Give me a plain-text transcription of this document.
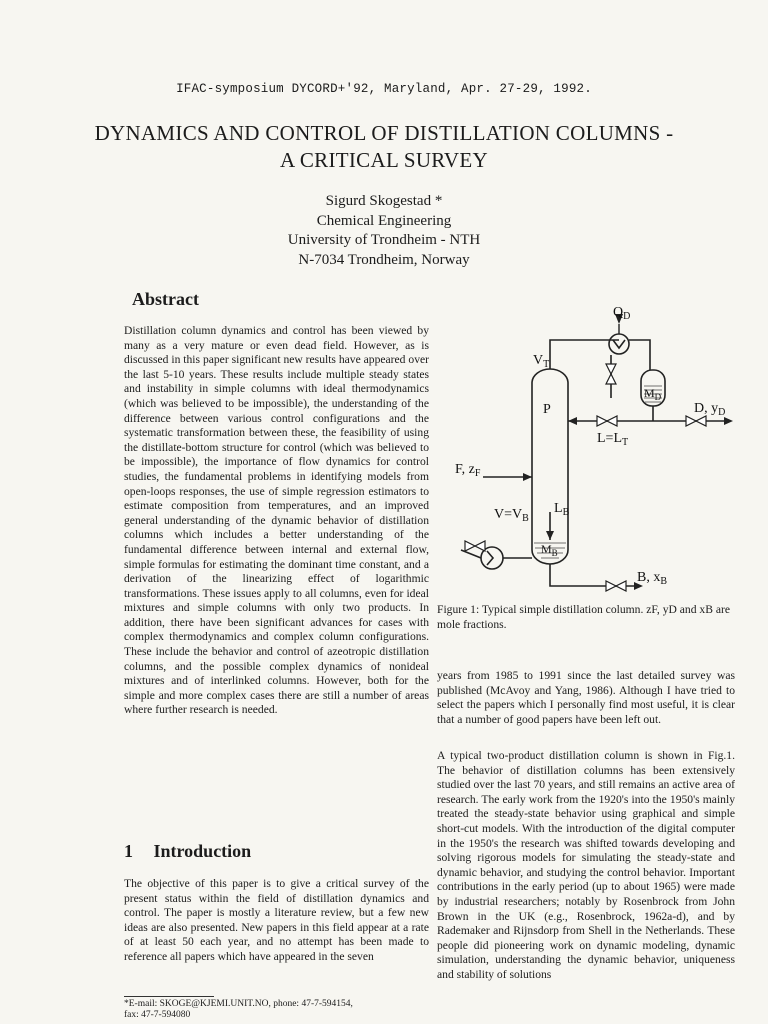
IFAC-symposium DYCORD+'92, Maryland, Apr. 27-29, 1992.
DYNAMICS AND CONTROL OF DISTILLATION COLUMNS -
A CRITICAL SURVEY
Sigurd Skogestad *
Chemical Engineering
University of Trondheim - NTH
N-7034 Trondheim, Norway
Abstract

Distillation column dynamics and control has been viewed by many as a very mature or even dead field. However, as is discussed in this paper significant new results have appeared over the last 5-10 years. These results include multiple steady states and instability in simple columns with ideal thermodynamics (which was believed to be impossible), the understanding of the difference between various control configurations and the systematic transformation between these, the feasibility of using the distillate-bottom structure for control (which was believed to be impossible), the importance of flow dynamics for control studies, the fundamental problems in identifying models from open-loops responses, the use of simple regression estimators to estimate composition from temperatures, and an improved general understanding of the dynamic behavior of distillation columns which includes a better understanding of the fundamental difference between internal and external flow, simple formulas for estimating the dominant time constant, and a derivation of the linearizing effect of logarithmic transformations. These issues apply to all columns, even for ideal mixtures and simple columns with only two products. In addition, there have been significant advances for cases with complex thermodynamics and complex column configurations. These include the behavior and control of azeotropic distillation columns, and the possible complex dynamics of nonideal mixtures and of interlinked columns. However, both for the simple and more complex cases there are still a number of areas where further research is needed.

1 Introduction

The objective of this paper is to give a critical survey of the present status within the field of distillation dynamics and control. The paper is mostly a literature review, but a few new ideas are also presented. New papers in this field appear at a rate of at least 50 each year, and no attempt has been made to reference all papers which have appeared in the seven

*E-mail: SKOGE@KJEMI.UNIT.NO, phone: 47-7-594154,
fax: 47-7-594080
$Q_D$
$V_T$
$M_D$
P	D, $y_D$
$L=L_T$
F, $z_F$
$L_B$
$V=V_B$
$M_B$
B, $x_B$
Figure 1: Typical simple distillation column. zF, yD and xB are mole fractions.

years from 1985 to 1991 since the last detailed survey was published (McAvoy and Yang, 1986). Although I have tried to select the papers which I personally find most useful, it is clear that a number of good papers have been left out.

A typical two-product distillation column is shown in Fig.1. The behavior of distillation columns has been extensively studied over the last 70 years, and still remains an active area of research. The early work from the 1920's into the 1950's mainly treated the steady-state behavior using graphical and simple short-cut models. With the introduction of the digital computer in the 1950's the research was shifted towards developing and solving rigorous models for simulating the steady-state and dynamic behavior, and studying the control behavior. Important contributions in the early period (up to about 1965) were made by industrial researchers; notably by Rosenbrock from John Brown in the UK (e.g., Rosenbrock, 1962a-d), and by Rademaker and Rijnsdorp from Shell in the Netherlands. These people did pioneering work on dynamic modeling, dynamic simulation, understanding the dynamic behavior, uniqueness and stability of solutions
